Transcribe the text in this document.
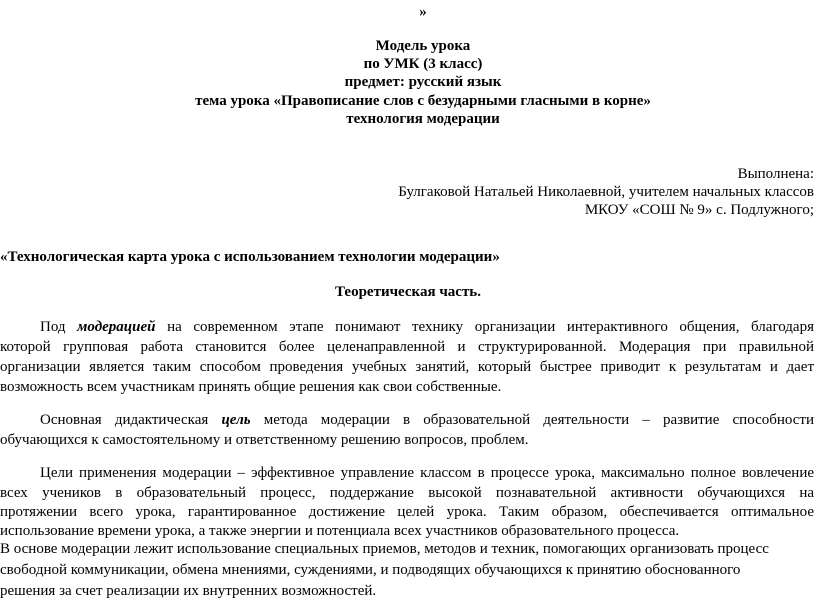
»
Модель урока
по УМК (3 класс)
предмет: русский язык
тема урока «Правописание слов с безударными гласными в корне»
технология модерации
Выполнена:
Булгаковой Натальей Николаевной, учителем начальных классов
МКОУ «СОШ № 9» с. Подлужного;
«Технологическая карта урока с использованием технологии модерации»
Теоретическая часть.
Под модерацией на современном этапе понимают технику организации интерактивного общения, благодаря
которой групповая работа становится более целенаправленной и структурированной. Модерация при правильной
организации является таким способом проведения учебных занятий, который быстрее приводит к результатам и дает
возможность всем участникам принять общие решения как свои собственные.
Основная дидактическая цель метода модерации в образовательной деятельности – развитие способности
обучающихся к самостоятельному и ответственному решению вопросов, проблем.
Цели применения модерации – эффективное управление классом в процессе урока, максимально полное вовлечение
всех учеников в образовательный процесс, поддержание высокой познавательной активности обучающихся на
протяжении всего урока, гарантированное достижение целей урока. Таким образом, обеспечивается оптимальное
использование времени урока, а также энергии и потенциала всех участников образовательного процесса.
В основе модерации лежит использование специальных приемов, методов и техник, помогающих организовать процесс
свободной коммуникации, обмена мнениями, суждениями, и подводящих обучающихся к принятию обоснованного
решения за счет реализации их внутренних возможностей.
